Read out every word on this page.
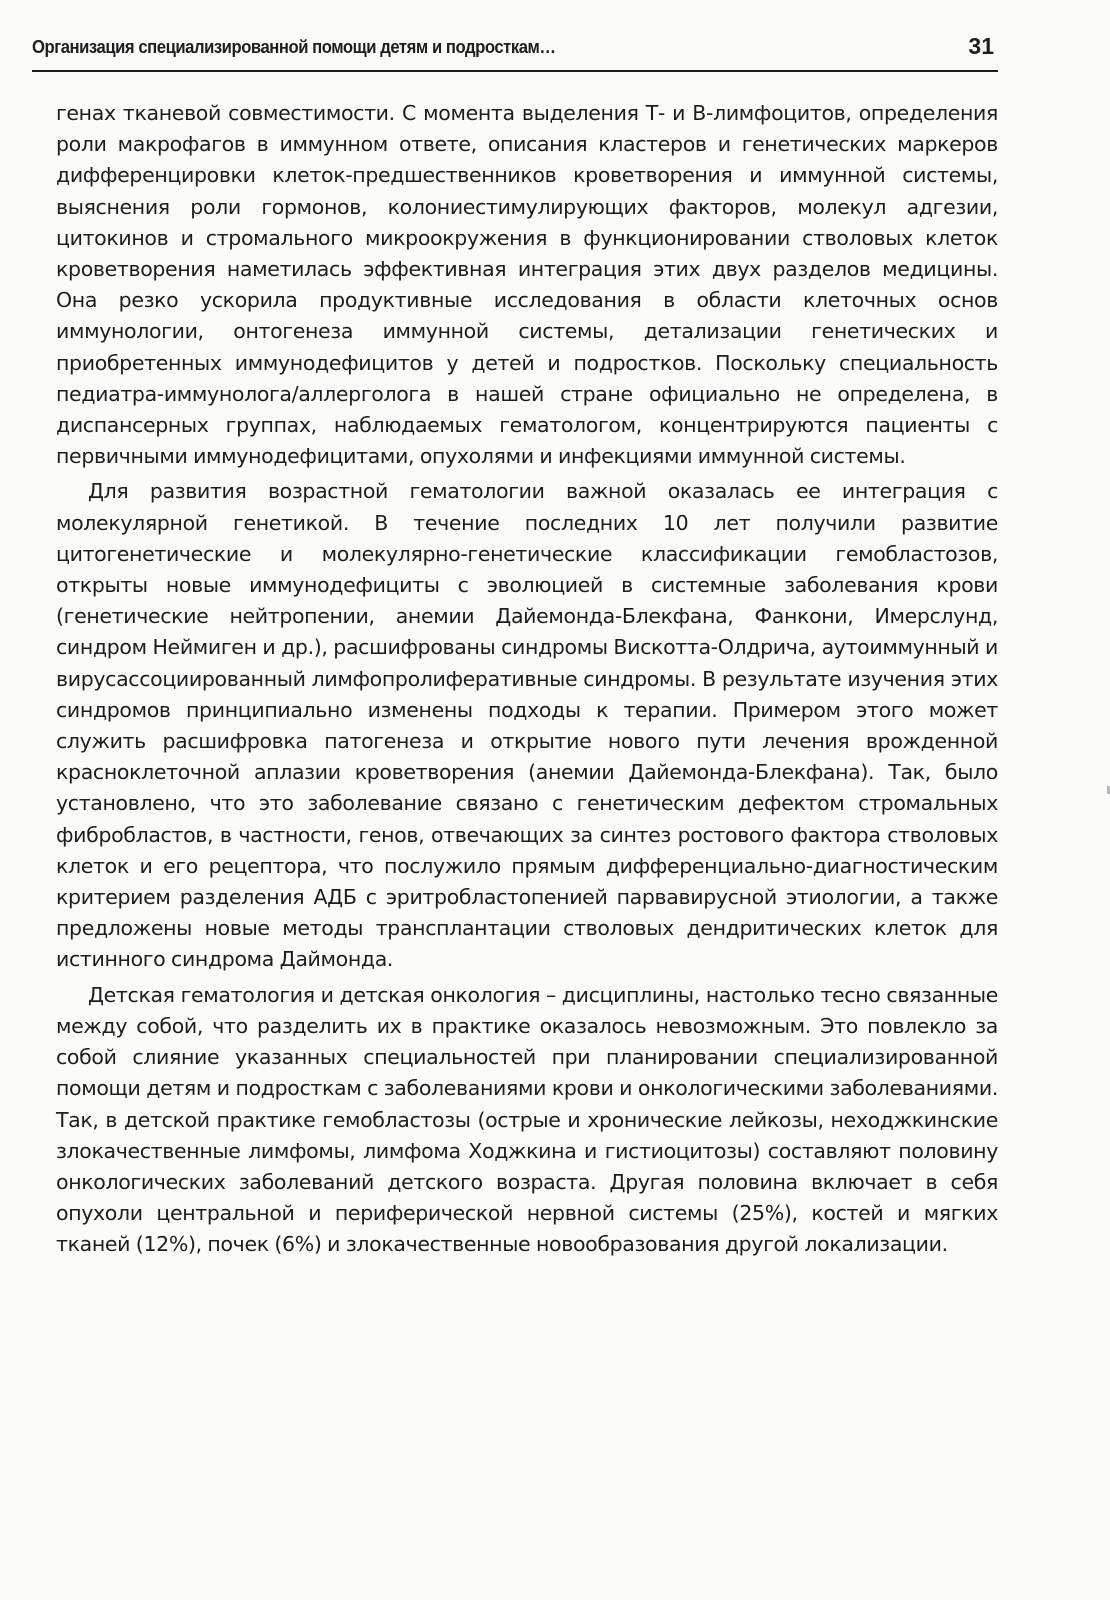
Организация специализированной помощи детям и подросткам…	31

генах тканевой совместимости. С момента выделения Т- и В-лимфоцитов, определения роли макрофагов в иммунном ответе, описания кластеров и генетических маркеров дифференцировки клеток-предшественников кроветворения и иммунной системы, выяснения роли гормонов, колониестимулирующих факторов, молекул адгезии, цитокинов и стромального микроокружения в функционировании стволовых клеток кроветворения наметилась эффективная интеграция этих двух разделов медицины. Она резко ускорила продуктивные исследования в области клеточных основ иммунологии, онтогенеза иммунной системы, детализации генетических и приобретенных иммунодефицитов у детей и подростков. Поскольку специальность педиатра-иммунолога/аллерголога в нашей стране официально не определена, в диспансерных группах, наблюдаемых гематологом, концентрируются пациенты с первичными иммунодефицитами, опухолями и инфекциями иммунной системы.

Для развития возрастной гематологии важной оказалась ее интеграция с молекулярной генетикой. В течение последних 10 лет получили развитие цитогенетические и молекулярно-генетические классификации гемобластозов, открыты новые иммунодефициты с эволюцией в системные заболевания крови (генетические нейтропении, анемии Дайемонда-Блекфана, Фанкони, Имерслунд, синдром Неймиген и др.), расшифрованы синдромы Вискотта-Олдрича, аутоиммунный и вирусассоциированный лимфопролиферативные синдромы. В результате изучения этих синдромов принципиально изменены подходы к терапии. Примером этого может служить расшифровка патогенеза и открытие нового пути лечения врожденной красноклеточной аплазии кроветворения (анемии Дайемонда-Блекфана). Так, было установлено, что это заболевание связано с генетическим дефектом стромальных фибробластов, в частности, генов, отвечающих за синтез ростового фактора стволовых клеток и его рецептора, что послужило прямым дифференциально-диагностическим критерием разделения АДБ с эритробластопенией парвавирусной этиологии, а также предложены новые методы трансплантации стволовых дендритических клеток для истинного синдрома Даймонда.

Детская гематология и детская онкология – дисциплины, настолько тесно связанные между собой, что разделить их в практике оказалось невозможным. Это повлекло за собой слияние указанных специальностей при планировании специализированной помощи детям и подросткам с заболеваниями крови и онкологическими заболеваниями. Так, в детской практике гемобластозы (острые и хронические лейкозы, неходжкинские злокачественные лимфомы, лимфома Ходжкина и гистиоцитозы) составляют половину онкологических заболеваний детского возраста. Другая половина включает в себя опухоли центральной и периферической нервной системы (25%), костей и мягких тканей (12%), почек (6%) и злокачественные новообразования другой локализации.
